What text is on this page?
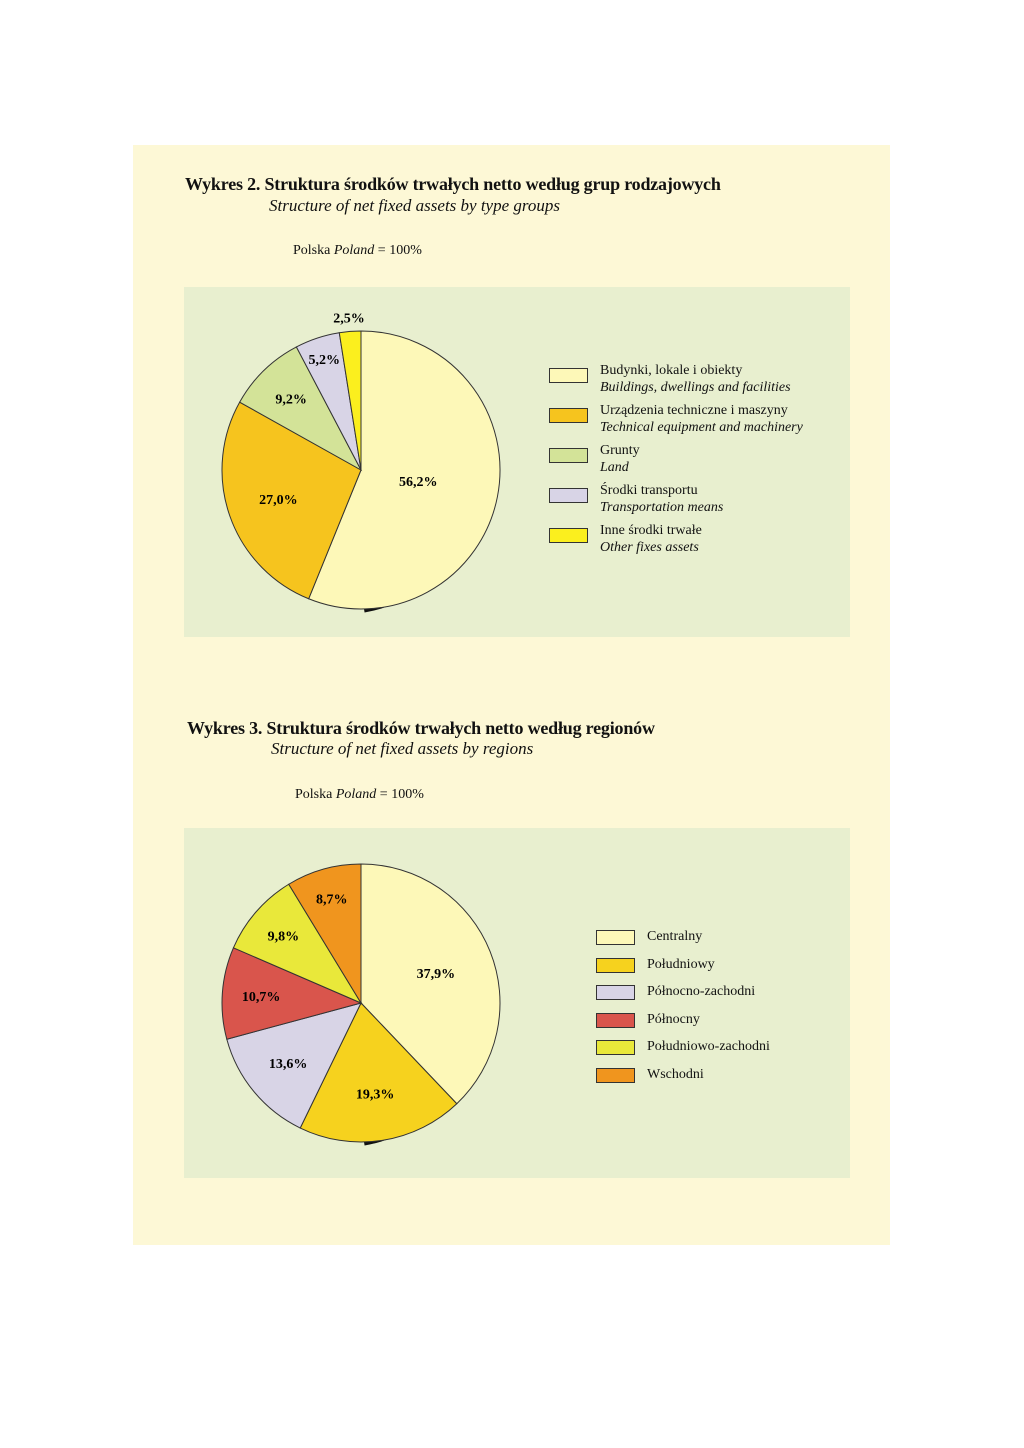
Wykres 2. Struktura środków trwałych netto według grup rodzajowych
Structure of net fixed assets by type groups
Polska Poland = 100%
56,2%
27,0%
9,2%
5,2%
2,5%
Budynki, lokale i obiekty
Buildings, dwellings and facilities
Urządzenia techniczne i maszyny
Technical equipment and machinery
Grunty
Land
Środki transportu
Transportation means
Inne środki trwałe
Other fixes assets
Wykres 3. Struktura środków trwałych netto według regionów
Structure of net fixed assets by regions
Polska Poland = 100%
37,9%
19,3%
13,6%
10,7%
9,8%
8,7%
Centralny
Południowy
Północno-zachodni
Północny
Południowo-zachodni
Wschodni
